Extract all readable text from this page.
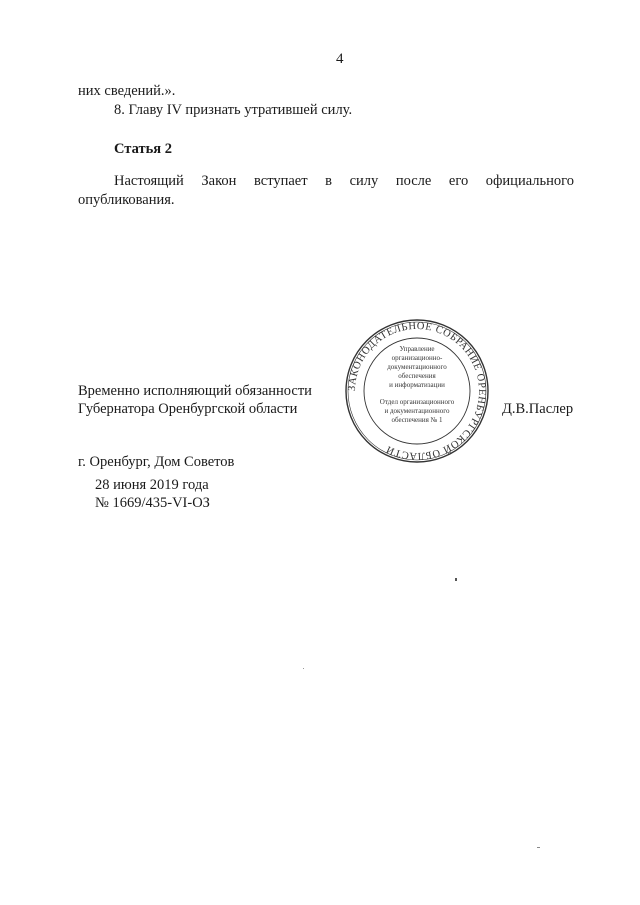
4
них сведений.».
8. Главу IV признать утратившей силу.
Статья 2
Настоящий Закон вступает в силу после его официального
опубликования.
ЗАКОНОДАТЕЛЬНОЕ СОБРАНИЕ ОРЕНБУРГСКОЙ ОБЛАСТИ
Управление
организационно-
документационного
обеспечения
и информатизации
Отдел организационного
и документационного
обеспечения № 1
Временно исполняющий обязанности
Губернатора Оренбургской области	Д.В.Паслер
г. Оренбург, Дом Советов
28 июня 2019 года
№ 1669/435-VI-ОЗ
